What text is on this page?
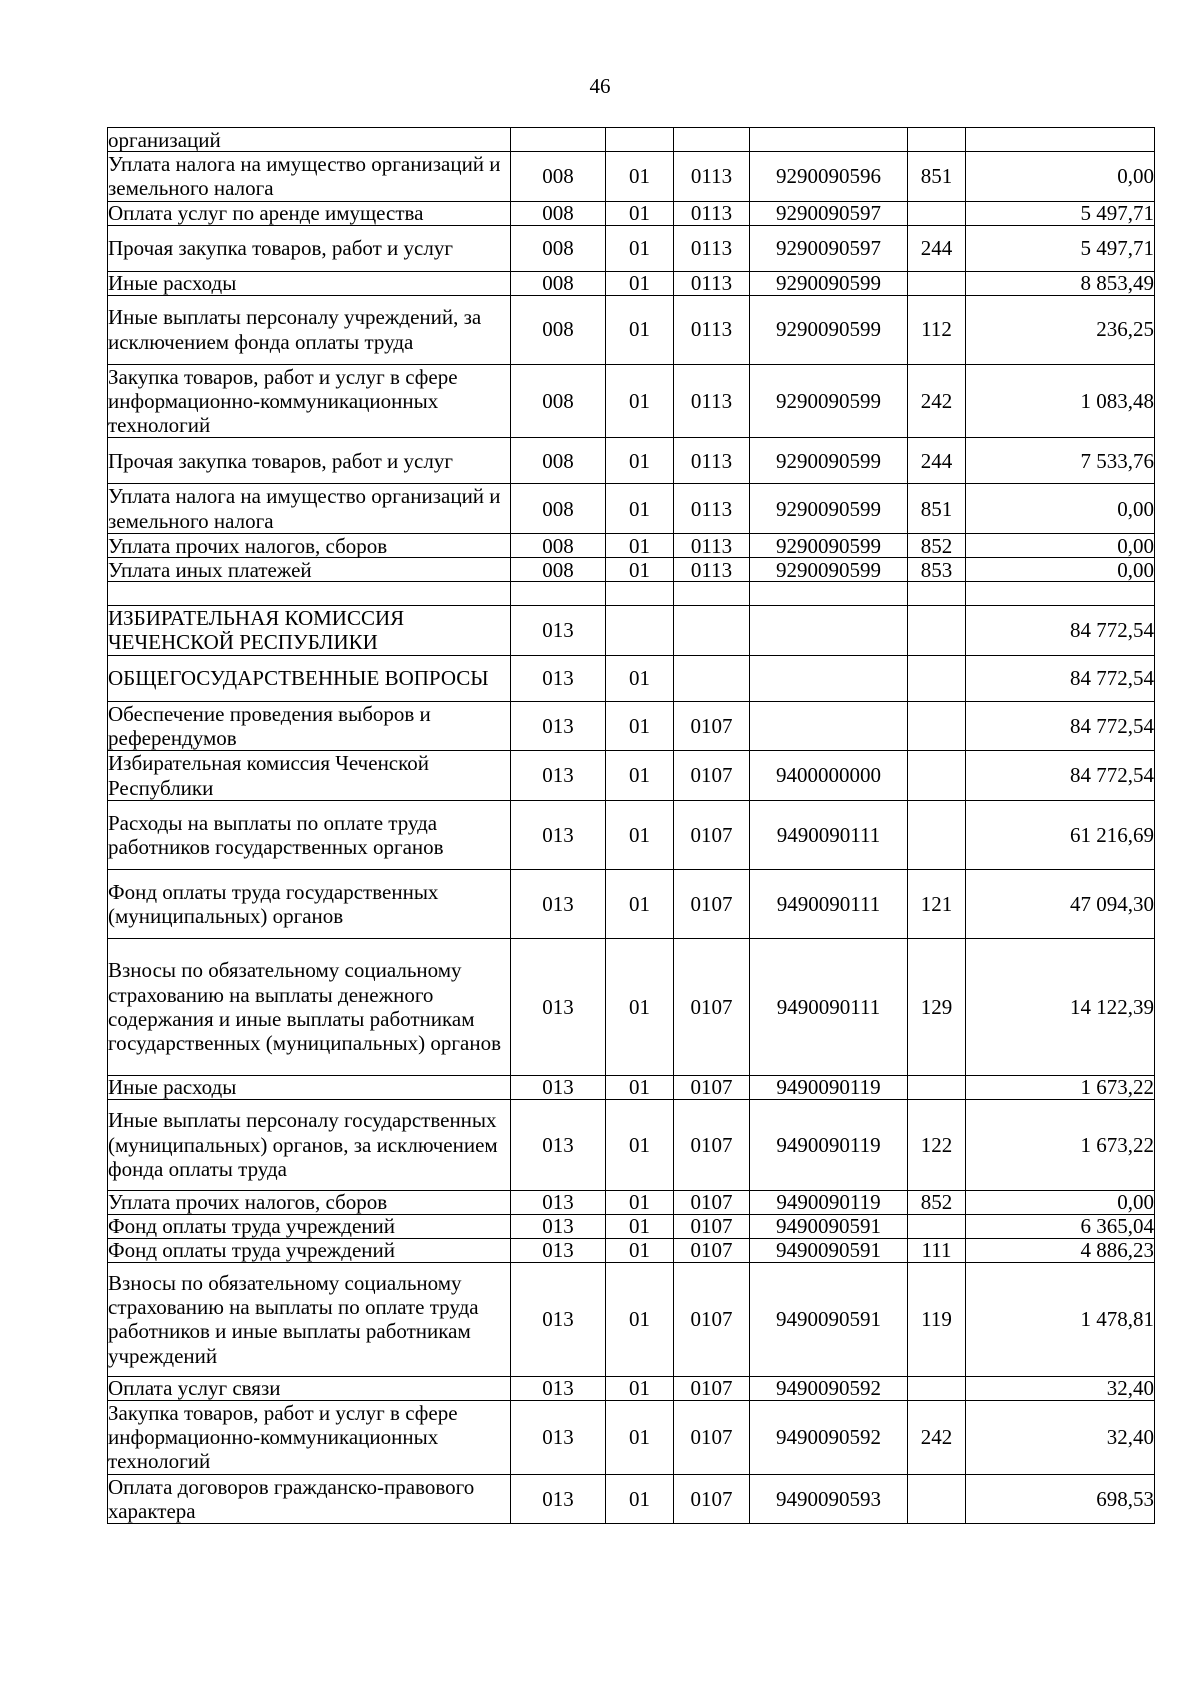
46
организаций						
Уплата налога на имущество организаций и земельного налога	008	01	0113	9290090596	851	0,00
Оплата услуг по аренде имущества	008	01	0113	9290090597		5 497,71
Прочая закупка товаров, работ и услуг	008	01	0113	9290090597	244	5 497,71
Иные расходы	008	01	0113	9290090599		8 853,49
Иные выплаты персоналу учреждений, за исключением фонда оплаты труда	008	01	0113	9290090599	112	236,25
Закупка товаров, работ и услуг в сфере информационно-коммуникационных технологий	008	01	0113	9290090599	242	1 083,48
Прочая закупка товаров, работ и услуг	008	01	0113	9290090599	244	7 533,76
Уплата налога на имущество организаций и земельного налога	008	01	0113	9290090599	851	0,00
Уплата прочих налогов, сборов	008	01	0113	9290090599	852	0,00
Уплата иных платежей	008	01	0113	9290090599	853	0,00

ИЗБИРАТЕЛЬНАЯ КОМИССИЯ ЧЕЧЕНСКОЙ РЕСПУБЛИКИ	013					84 772,54
ОБЩЕГОСУДАРСТВЕННЫЕ ВОПРОСЫ	013	01				84 772,54
Обеспечение проведения выборов и референдумов	013	01	0107			84 772,54
Избирательная комиссия Чеченской Республики	013	01	0107	9400000000		84 772,54
Расходы на выплаты по оплате труда работников государственных органов	013	01	0107	9490090111		61 216,69
Фонд оплаты труда государственных (муниципальных) органов	013	01	0107	9490090111	121	47 094,30
Взносы по обязательному социальному страхованию на выплаты денежного содержания и иные выплаты работникам государственных (муниципальных) органов	013	01	0107	9490090111	129	14 122,39
Иные расходы	013	01	0107	9490090119		1 673,22
Иные выплаты персоналу государственных (муниципальных) органов, за исключением фонда оплаты труда	013	01	0107	9490090119	122	1 673,22
Уплата прочих налогов, сборов	013	01	0107	9490090119	852	0,00
Фонд оплаты труда учреждений	013	01	0107	9490090591		6 365,04
Фонд оплаты труда учреждений	013	01	0107	9490090591	111	4 886,23
Взносы по обязательному социальному страхованию на выплаты по оплате труда работников и иные выплаты работникам учреждений	013	01	0107	9490090591	119	1 478,81
Оплата услуг связи	013	01	0107	9490090592		32,40
Закупка товаров, работ и услуг в сфере информационно-коммуникационных технологий	013	01	0107	9490090592	242	32,40
Оплата договоров гражданско-правового характера	013	01	0107	9490090593		698,53
